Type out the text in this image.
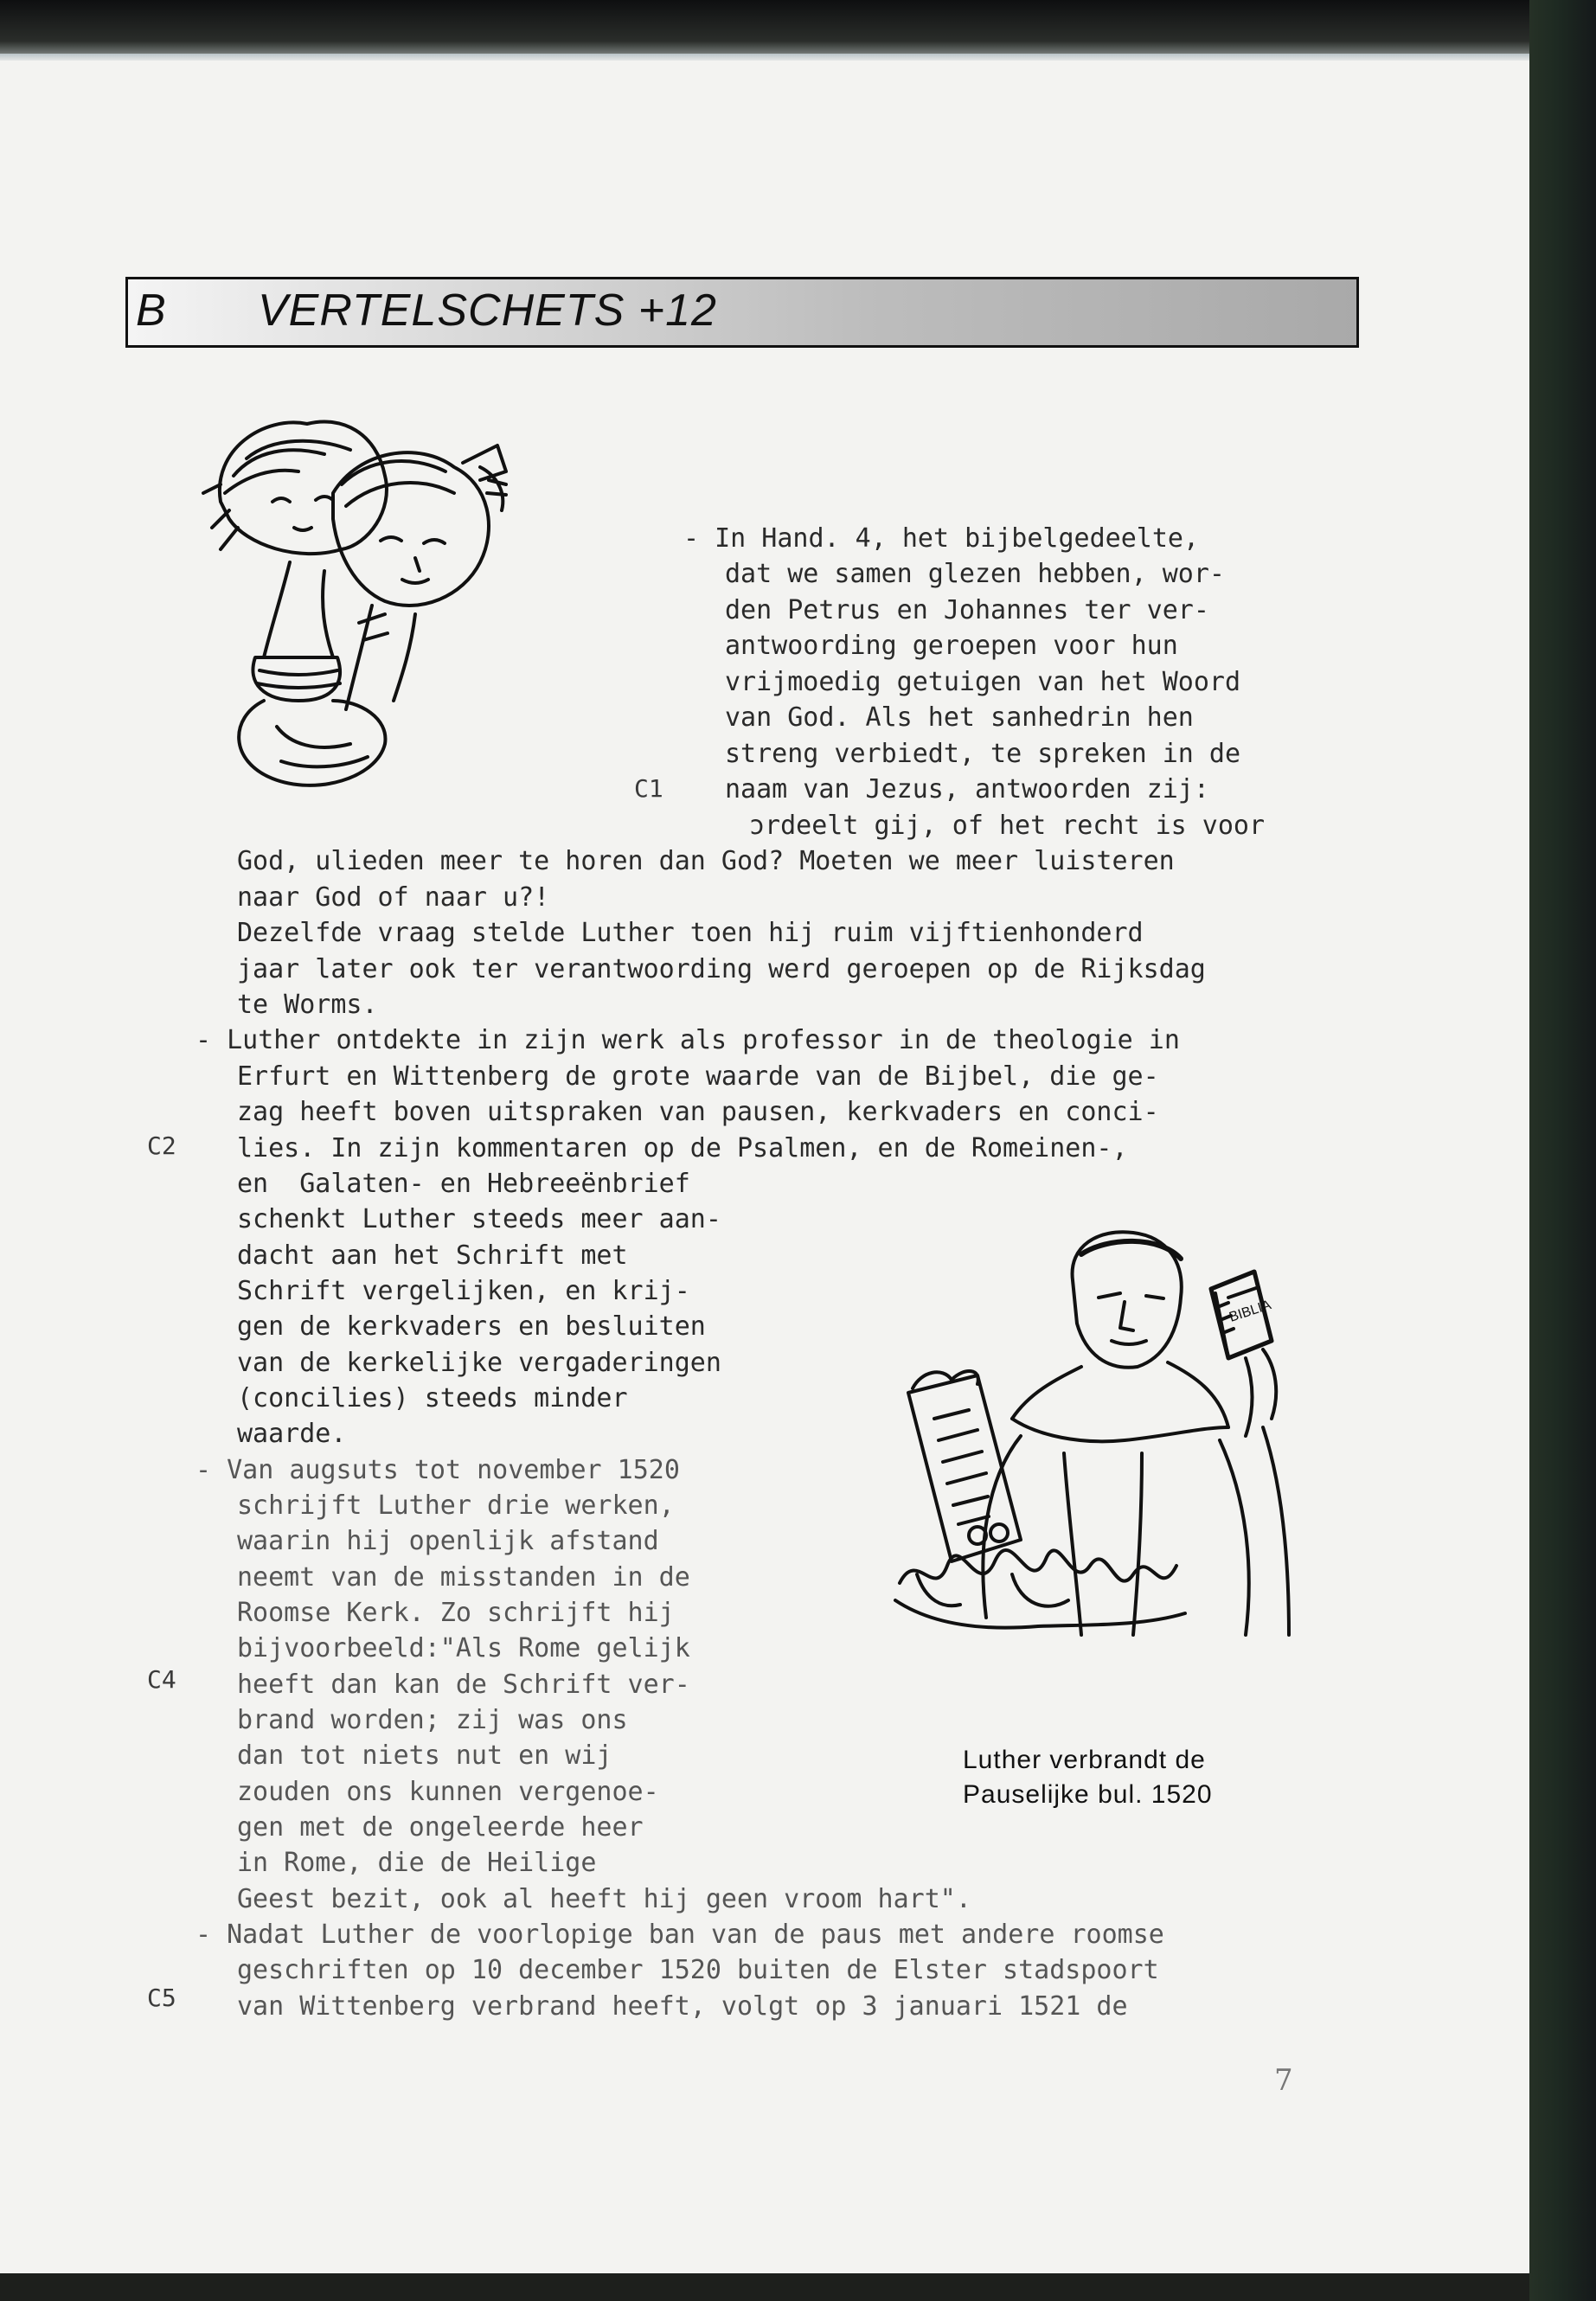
B VERTELSCHETS +12
BIBLIA
C1
C2
C4
C5

- In Hand. 4, het bijbelgedeelte,

dat we samen glezen hebben, wor-

den Petrus en Johannes ter ver-

antwoording geroepen voor hun

vrijmoedig getuigen van het Woord

van God. Als het sanhedrin hen

streng verbiedt, te spreken in de

naam van Jezus, antwoorden zij:

ɔrdeelt gij, of het recht is voor

God, ulieden meer te horen dan God? Moeten we meer luisteren

naar God of naar u?!

Dezelfde vraag stelde Luther toen hij ruim vijftienhonderd

jaar later ook ter verantwoording werd geroepen op de Rijksdag

te Worms.

- Luther ontdekte in zijn werk als professor in de theologie in

Erfurt en Wittenberg de grote waarde van de Bijbel, die ge-

zag heeft boven uitspraken van pausen, kerkvaders en conci-

lies. In zijn kommentaren op de Psalmen, en de Romeinen-,

en  Galaten- en Hebreeënbrief

schenkt Luther steeds meer aan-

dacht aan het Schrift met

Schrift vergelijken, en krij-

gen de kerkvaders en besluiten

van de kerkelijke vergaderingen

(concilies) steeds minder

waarde.

- Van augsuts tot november 1520

schrijft Luther drie werken,

waarin hij openlijk afstand

neemt van de misstanden in de

Roomse Kerk. Zo schrijft hij

bijvoorbeeld:"Als Rome gelijk

heeft dan kan de Schrift ver-

brand worden; zij was ons

dan tot niets nut en wij

zouden ons kunnen vergenoe-

gen met de ongeleerde heer

in Rome, die de Heilige

Geest bezit, ook al heeft hij geen vroom hart".

- Nadat Luther de voorlopige ban van de paus met andere roomse

geschriften op 10 december 1520 buiten de Elster stadspoort

van Wittenberg verbrand heeft, volgt op 3 januari 1521 de

Luther verbrandt de

Pauselijke bul. 1520

7
